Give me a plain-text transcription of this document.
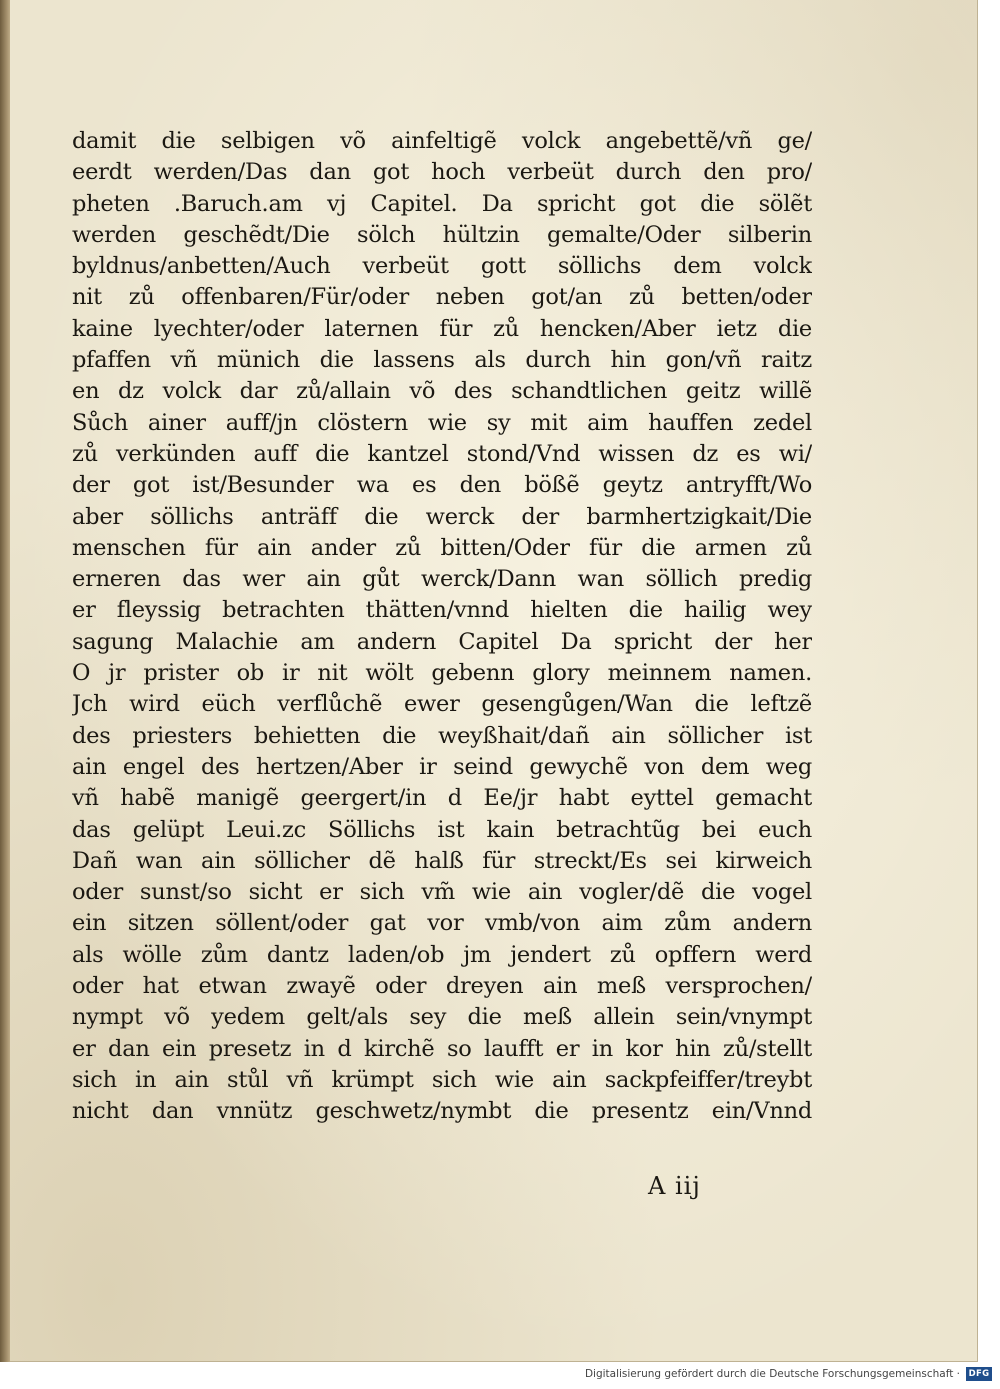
damit die selbigen võ ainfeltigẽ volck angebettẽ/vñ ge/
eerdt werden/Das dan got hoch verbeüt durch den pro/
pheten .Baruch.am vj Capitel. Da spricht got die sölẽt
werden geschẽdt/Die sölch hültzin gemalte/Oder silberin
byldnus/anbetten/Auch verbeüt gott söllichs dem volck
nit zů offenbaren/Für/oder neben got/an zů betten/oder
kaine lyechter/oder laternen für zů hencken/Aber ietz die
pfaffen vñ münich die lassens als durch hin gon/vñ raitz
en dz volck dar zů/allain võ des schandtlichen geitz willẽ
Sůch ainer auff/jn clöstern wie sy mit aim hauffen zedel
zů verkünden auff die kantzel stond/Vnd wissen dz es wi/
der got ist/Besunder wa es den bößẽ geytz antryfft/Wo
aber söllichs anträff die werck der barmhertzigkait/Die
menschen für ain ander zů bitten/Oder für die armen zů
erneren das wer ain gůt werck/Dann wan söllich predig
er fleyssig betrachten thätten/vnnd hielten die hailig wey
sagung Malachie am andern Capitel Da spricht der her
O jr prister ob ir nit wölt gebenn glory meinnem namen.
Jch wird eüch verflůchẽ ewer gesengůgen/Wan die leftzẽ
des priesters behietten die weyßhait/dañ ain söllicher ist
ain engel des hertzen/Aber ir seind gewychẽ von dem weg
vñ habẽ manigẽ geergert/in d Ee/jr habt eyttel gemacht
das gelüpt Leui.zc Söllichs ist kain betrachtũg bei euch
Dañ wan ain söllicher dẽ halß für streckt/Es sei kirweich
oder sunst/so sicht er sich vm̃ wie ain vogler/dẽ die vogel
ein sitzen söllent/oder gat vor vmb/von aim zům andern
als wölle zům dantz laden/ob jm jendert zů opffern werd
oder hat etwan zwayẽ oder dreyen ain meß versprochen/
nympt võ yedem gelt/als sey die meß allein sein/vnympt
er dan ein presetz in d kirchẽ so laufft er in kor hin zů/stellt
sich in ain stůl vñ krümpt sich wie ain sackpfeiffer/treybt
nicht dan vnnütz geschwetz/nymbt die presentz ein/Vnnd
A iij
Digitalisierung gefördert durch die Deutsche Forschungsgemeinschaft ·	DFG
